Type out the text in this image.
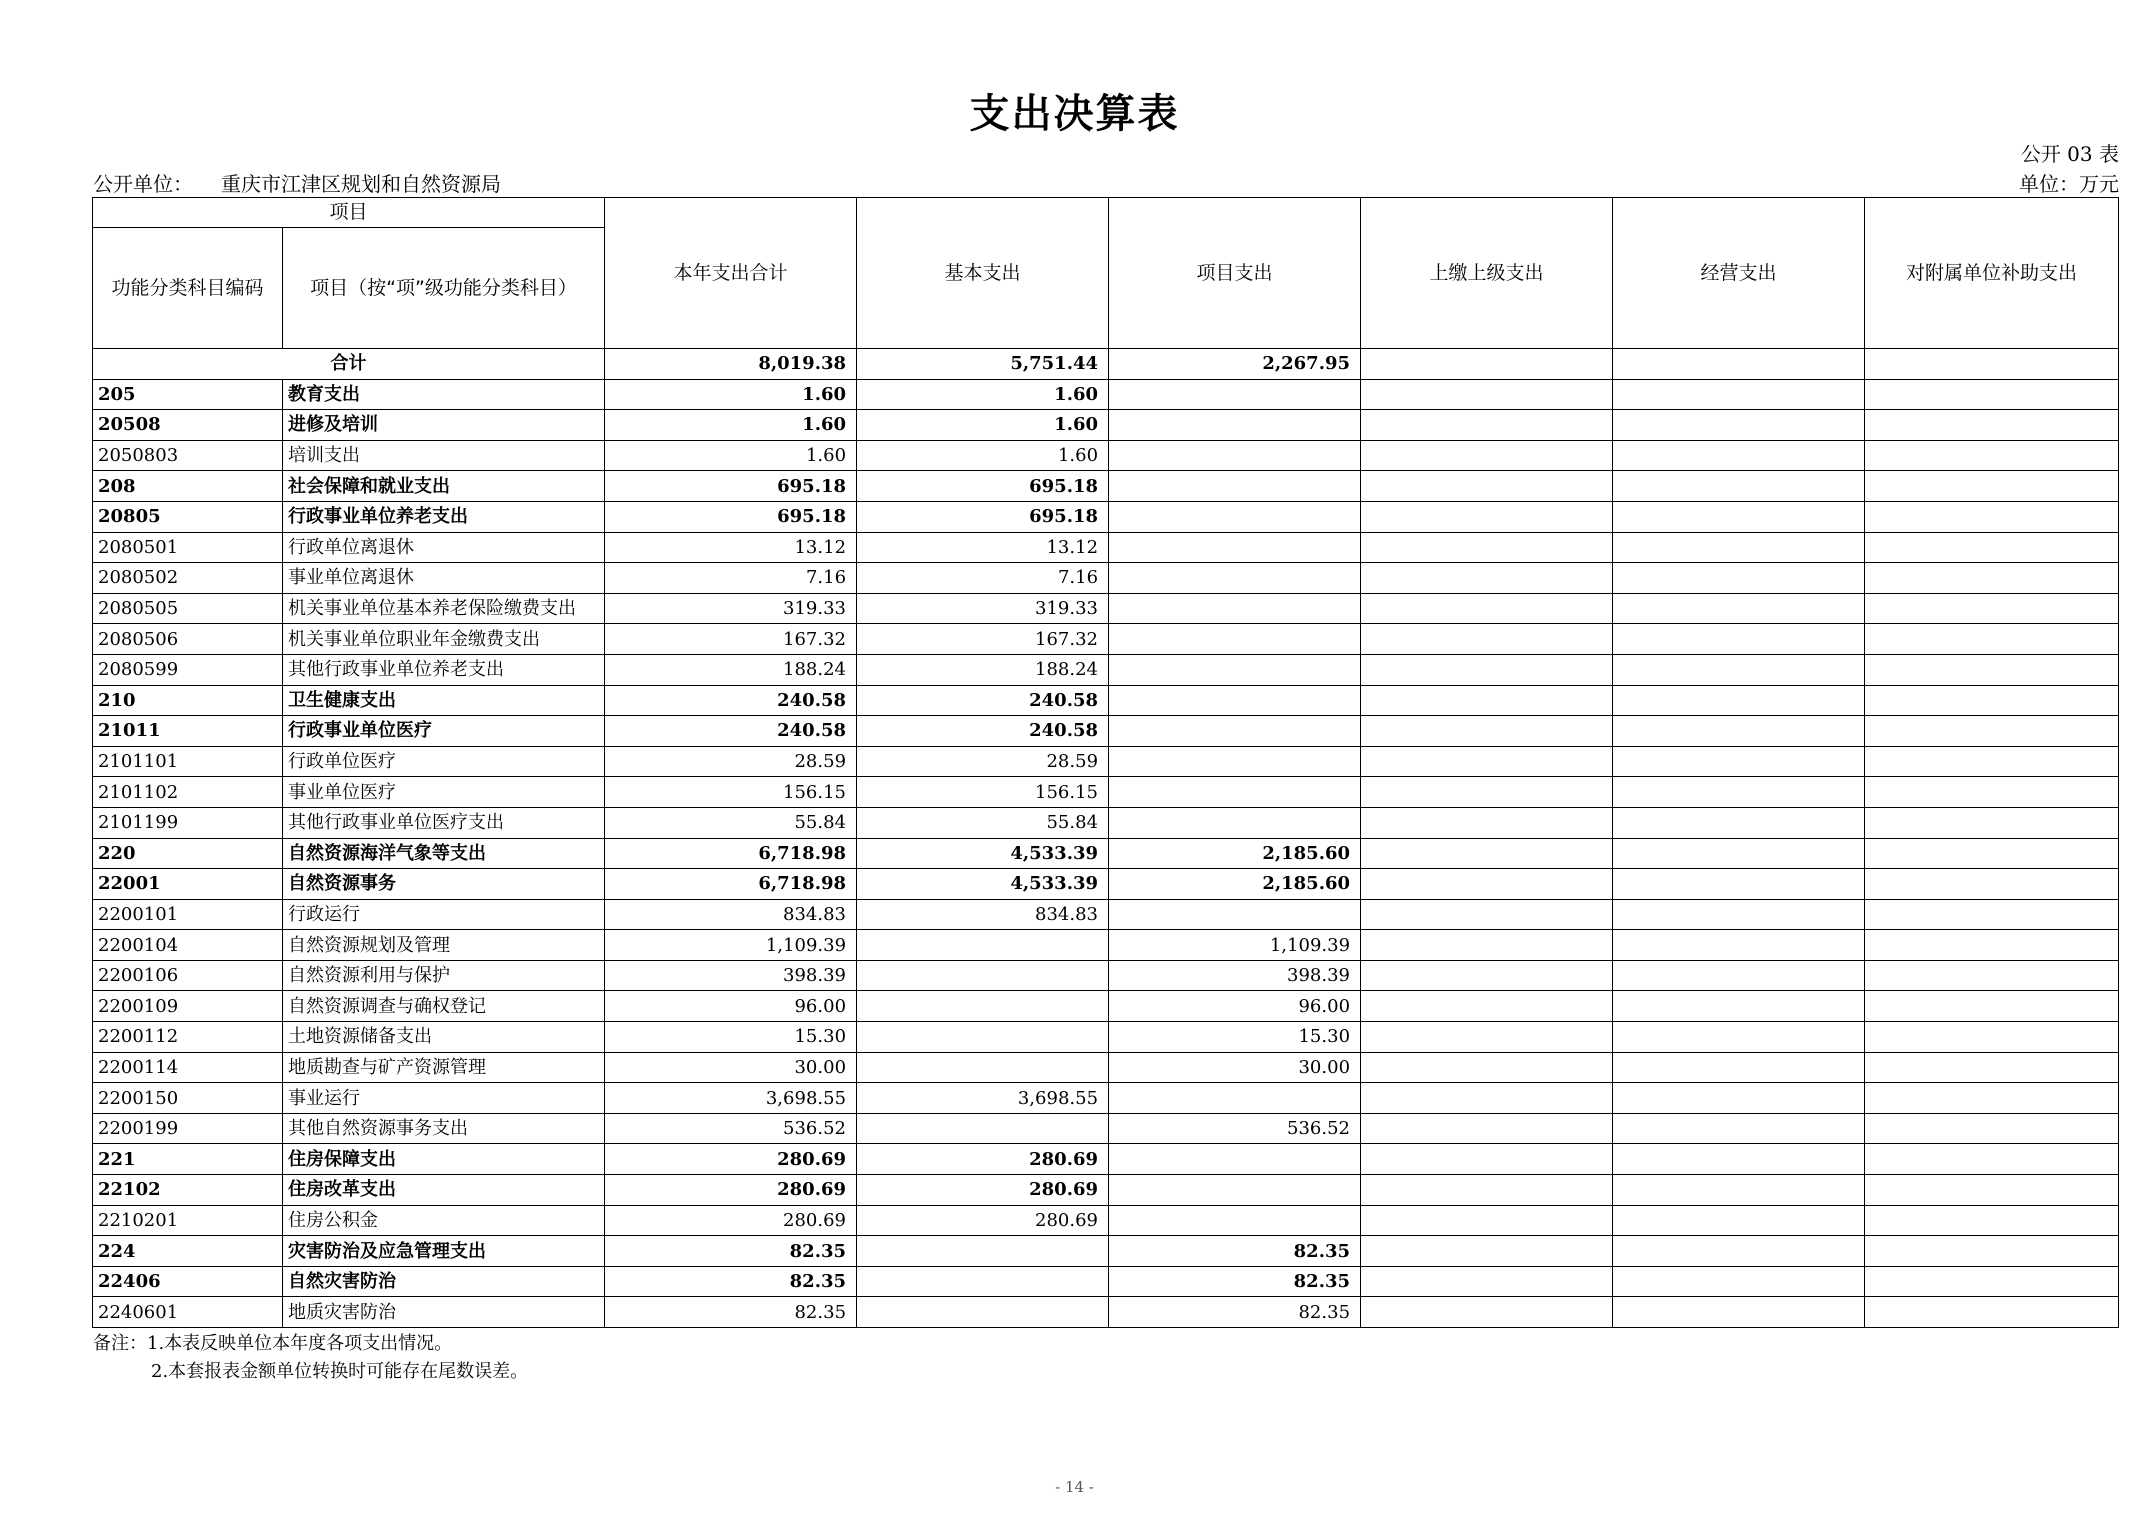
支出决算表
公开 03 表
公开单位： 重庆市江津区规划和自然资源局	单位：万元
项目		本年支出合计	基本支出	项目支出	上缴上级支出	经营支出	对附属单位补助支出
功能分类科目编码	项目（按“项”级功能分类科目）						
合计		8,019.38	5,751.44	2,267.95			
205	教育支出	1.60	1.60				
20508	进修及培训	1.60	1.60				
2050803	培训支出	1.60	1.60				
208	社会保障和就业支出	695.18	695.18				
20805	行政事业单位养老支出	695.18	695.18				
2080501	行政单位离退休	13.12	13.12				
2080502	事业单位离退休	7.16	7.16				
2080505	机关事业单位基本养老保险缴费支出	319.33	319.33				
2080506	机关事业单位职业年金缴费支出	167.32	167.32				
2080599	其他行政事业单位养老支出	188.24	188.24				
210	卫生健康支出	240.58	240.58				
21011	行政事业单位医疗	240.58	240.58				
2101101	行政单位医疗	28.59	28.59				
2101102	事业单位医疗	156.15	156.15				
2101199	其他行政事业单位医疗支出	55.84	55.84				
220	自然资源海洋气象等支出	6,718.98	4,533.39	2,185.60			
22001	自然资源事务	6,718.98	4,533.39	2,185.60			
2200101	行政运行	834.83	834.83				
2200104	自然资源规划及管理	1,109.39		1,109.39			
2200106	自然资源利用与保护	398.39		398.39			
2200109	自然资源调查与确权登记	96.00		96.00			
2200112	土地资源储备支出	15.30		15.30			
2200114	地质勘查与矿产资源管理	30.00		30.00			
2200150	事业运行	3,698.55	3,698.55				
2200199	其他自然资源事务支出	536.52		536.52			
221	住房保障支出	280.69	280.69				
22102	住房改革支出	280.69	280.69				
2210201	住房公积金	280.69	280.69				
224	灾害防治及应急管理支出	82.35		82.35			
22406	自然灾害防治	82.35		82.35			
2240601	地质灾害防治	82.35		82.35			
备注：1.本表反映单位本年度各项支出情况。
2.本套报表金额单位转换时可能存在尾数误差。
- 14 -
